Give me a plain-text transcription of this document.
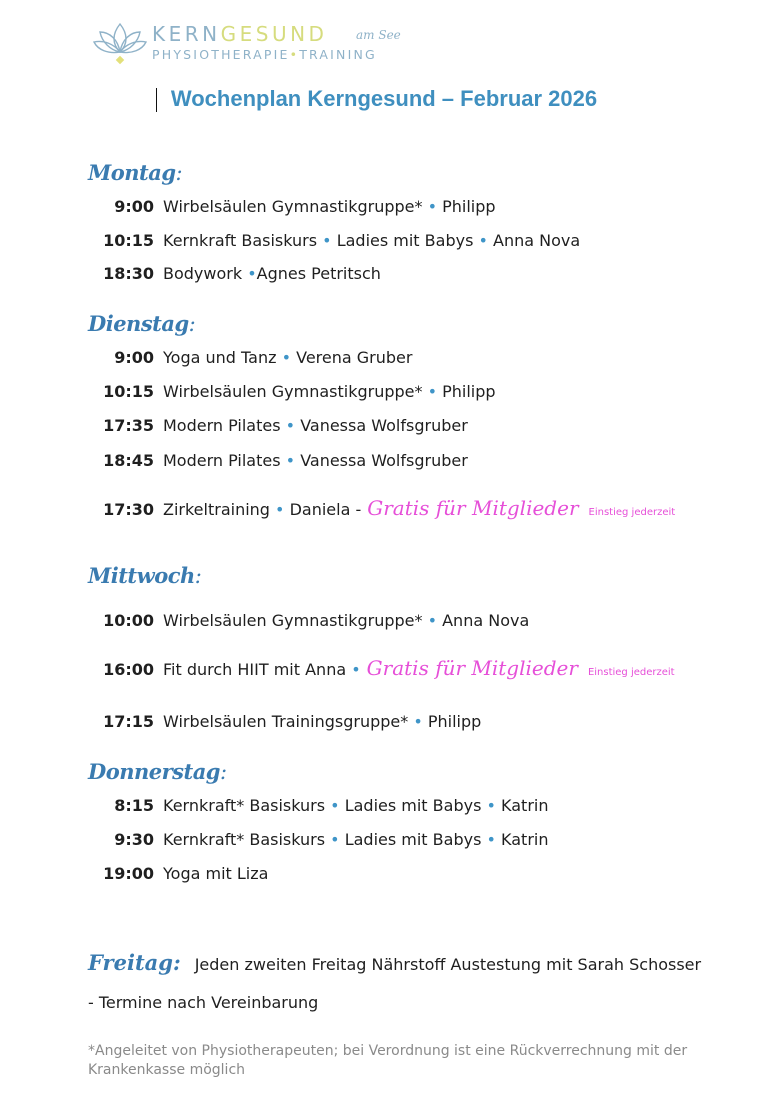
KERNGESUND am See
PHYSIOTHERAPIE•TRAINING
Wochenplan Kerngesund – Februar 2026
Montag:
9:00 Wirbelsäulen Gymnastikgruppe* • Philipp
10:15 Kernkraft Basiskurs • Ladies mit Babys • Anna Nova
18:30 Bodywork •Agnes Petritsch
Dienstag:
9:00 Yoga und Tanz • Verena Gruber
10:15 Wirbelsäulen Gymnastikgruppe* • Philipp
17:35 Modern Pilates • Vanessa Wolfsgruber
18:45 Modern Pilates • Vanessa Wolfsgruber
17:30 Zirkeltraining • Daniela - Gratis für Mitglieder Einstieg jederzeit
Mittwoch:
10:00 Wirbelsäulen Gymnastikgruppe* • Anna Nova
16:00 Fit durch HIIT mit Anna • Gratis für Mitglieder Einstieg jederzeit
17:15 Wirbelsäulen Trainingsgruppe* • Philipp
Donnerstag:
8:15 Kernkraft* Basiskurs • Ladies mit Babys • Katrin
9:30 Kernkraft* Basiskurs • Ladies mit Babys • Katrin
19:00 Yoga mit Liza
Freitag: Jeden zweiten Freitag Nährstoff Austestung mit Sarah Schosser - Termine nach Vereinbarung
*Angeleitet von Physiotherapeuten; bei Verordnung ist eine Rückverrechnung mit der Krankenkasse möglich
